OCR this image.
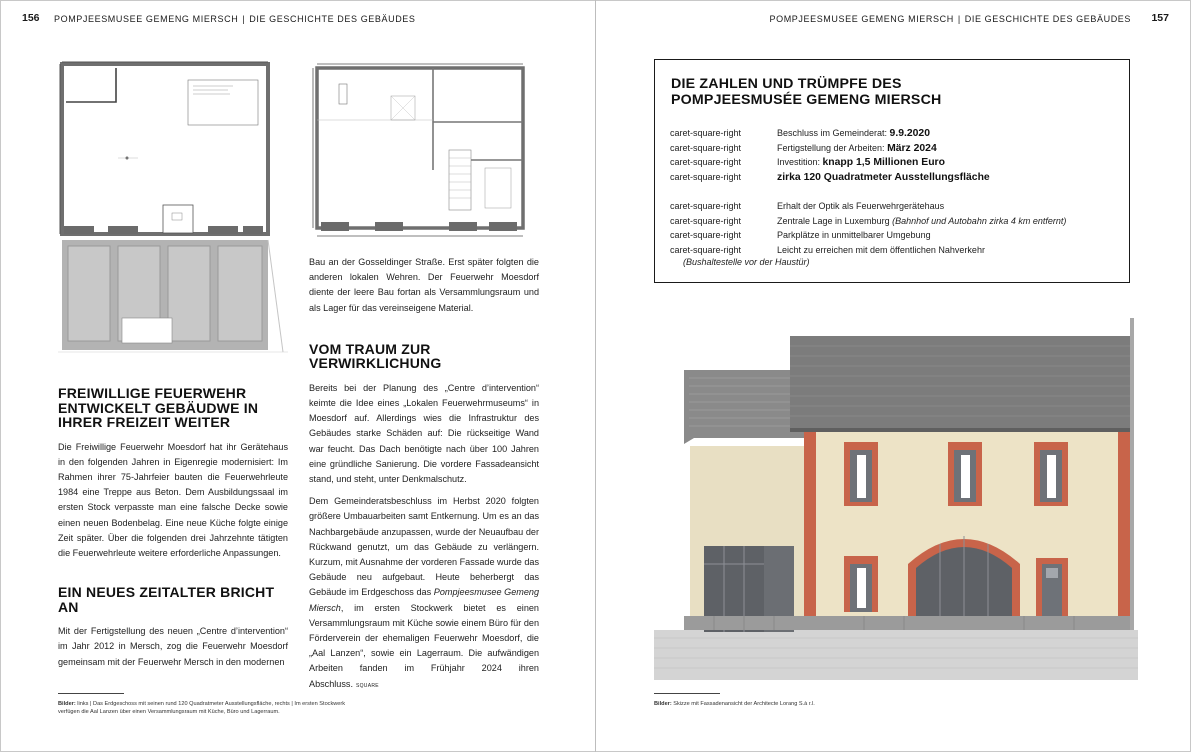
156 POMPJEESMUSEE GEMENG MIERSCH | DIE GESCHICHTE DES GEBÄUDES
FREIWILLIGE FEUERWEHR ENTWICKELT GEBÄUDWE IN IHRER FREIZEIT WEITER

Die Freiwillige Feuerwehr Moesdorf hat ihr Gerätehaus in den folgenden Jahren in Eigenregie modernisiert: Im Rahmen ihrer 75-Jahrfeier bauten die Feuerwehrleute 1984 eine Treppe aus Beton. Dem Ausbildungssaal im ersten Stock verpasste man eine falsche Decke sowie einen neuen Bodenbelag. Eine neue Küche folgte einige Zeit später. Über die folgenden drei Jahrzehnte tätigten die Feuerwehrleute weitere erforderliche Anpassungen.

EIN NEUES ZEITALTER BRICHT AN

Mit der Fertigstellung des neuen „Centre d’intervention“ im Jahr 2012 in Mersch, zog die Feuerwehr Moesdorf gemeinsam mit der Feuerwehr Mersch in den modernen

Bau an der Gosseldinger Straße. Erst später folgten die anderen lokalen Wehren. Der Feuerwehr Moesdorf diente der leere Bau fortan als Versammlungsraum und als Lager für das vereinseigene Material.

VOM TRAUM ZUR VERWIRKLICHUNG

Bereits bei der Planung des „Centre d’intervention“ keimte die Idee eines „Lokalen Feuerwehrmuseums“ in Moesdorf auf. Allerdings wies die Infrastruktur des Gebäudes starke Schäden auf: Die rückseitige Wand war feucht. Das Dach benötigte nach über 100 Jahren eine gründliche Sanierung. Die vordere Fassadeansicht stand, und steht, unter Denkmalschutz.

Dem Gemeinderatsbeschluss im Herbst 2020 folgten größere Umbauarbeiten samt Entkernung. Um es an das Nachbargebäude anzupassen, wurde der Neuaufbau der Rückwand genutzt, um das Gebäude zu verlängern. Kurzum, mit Ausnahme der vorderen Fassade wurde das Gebäude neu aufgebaut. Heute beherbergt das Gebäude im Erdgeschoss das Pompjeesmusee Gemeng Miersch, im ersten Stockwerk bietet es einen Versammlungsraum mit Küche sowie einem Büro für den Förderverein der ehemaligen Feuerwehr Moesdorf, die „Aal Lanzen“, sowie ein Lagerraum. Die aufwändigen Arbeiten fanden im Frühjahr 2024 ihren Abschluss. SQUARE

Bilder: links | Das Erdgeschoss mit seinen rund 120 Quadratmeter Ausstellungsfläche, rechts | Im ersten Stockwerk verfügen die Aal Lanzen über einen Versammlungsraum mit Küche, Büro und Lagerraum.
POMPJEESMUSEE GEMENG MIERSCH | DIE GESCHICHTE DES GEBÄUDES 157
DIE ZAHLEN UND TRÜMPFE DES
POMPJEESMUSÉE GEMENG MIERSCH
caret-square-right	Beschluss im Gemeinderat: 9.9.2020
caret-square-right	Fertigstellung der Arbeiten: März 2024
caret-square-right	Investition: knapp 1,5 Millionen Euro
caret-square-right	zirka 120 Quadratmeter Ausstellungsfläche
caret-square-right	Erhalt der Optik als Feuerwehrgerätehaus
caret-square-right	Zentrale Lage in Luxemburg (Bahnhof und Autobahn zirka 4 km entfernt)
caret-square-right	Parkplätze in unmittelbarer Umgebung
caret-square-right	Leicht zu erreichen mit dem öffentlichen Nahverkehr
(Bushaltestelle vor der Haustür)
Bilder: Skizze mit Fassadenansicht der Architecte Lorang S.à r.l.
